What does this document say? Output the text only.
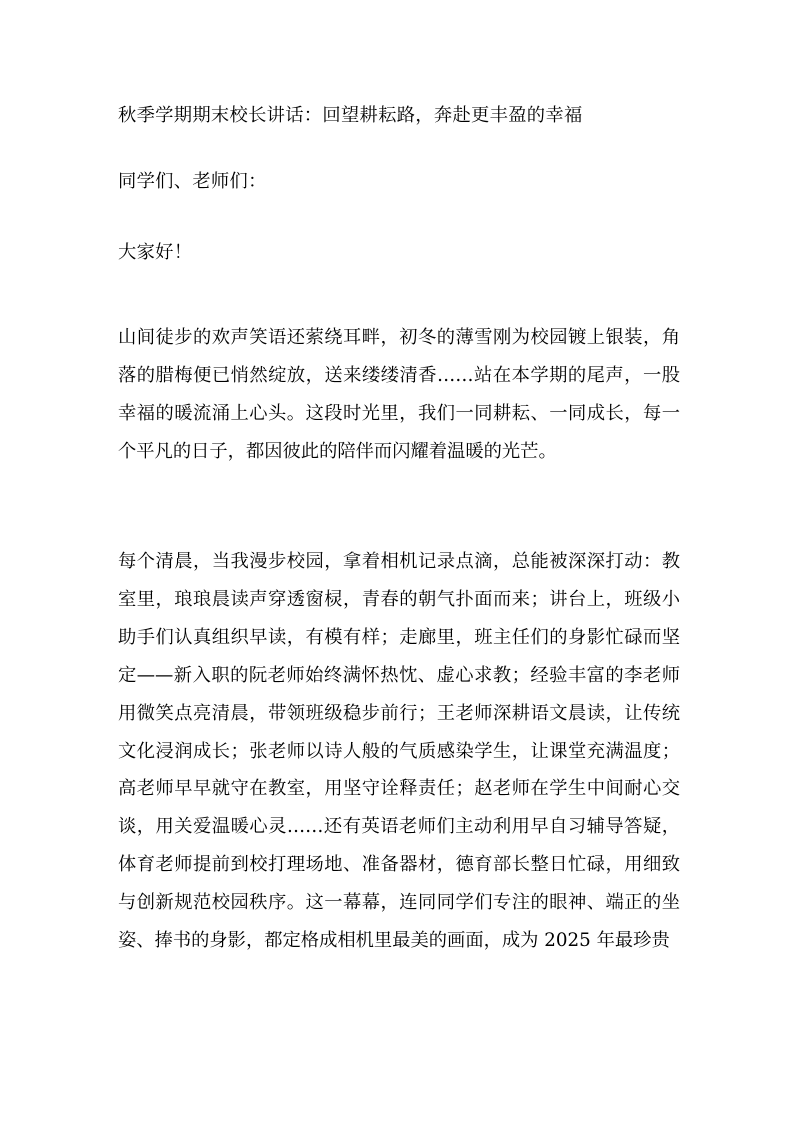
秋季学期期末校长讲话：回望耕耘路，奔赴更丰盈的幸福
同学们、老师们：
大家好！
山间徒步的欢声笑语还萦绕耳畔，初冬的薄雪刚为校园镀上银装，角落的腊梅便已悄然绽放，送来缕缕清香……站在本学期的尾声，一股幸福的暖流涌上心头。这段时光里，我们一同耕耘、一同成长，每一个平凡的日子，都因彼此的陪伴而闪耀着温暖的光芒。
每个清晨，当我漫步校园，拿着相机记录点滴，总能被深深打动：教室里，琅琅晨读声穿透窗棂，青春的朝气扑面而来；讲台上，班级小助手们认真组织早读，有模有样；走廊里，班主任们的身影忙碌而坚定——新入职的阮老师始终满怀热忱、虚心求教；经验丰富的李老师用微笑点亮清晨，带领班级稳步前行；王老师深耕语文晨读，让传统文化浸润成长；张老师以诗人般的气质感染学生，让课堂充满温度；高老师早早就守在教室，用坚守诠释责任；赵老师在学生中间耐心交谈，用关爱温暖心灵……还有英语老师们主动利用早自习辅导答疑，体育老师提前到校打理场地、准备器材，德育部长整日忙碌，用细致与创新规范校园秩序。这一幕幕，连同同学们专注的眼神、端正的坐姿、捧书的身影，都定格成相机里最美的画面，成为 2025 年最珍贵
